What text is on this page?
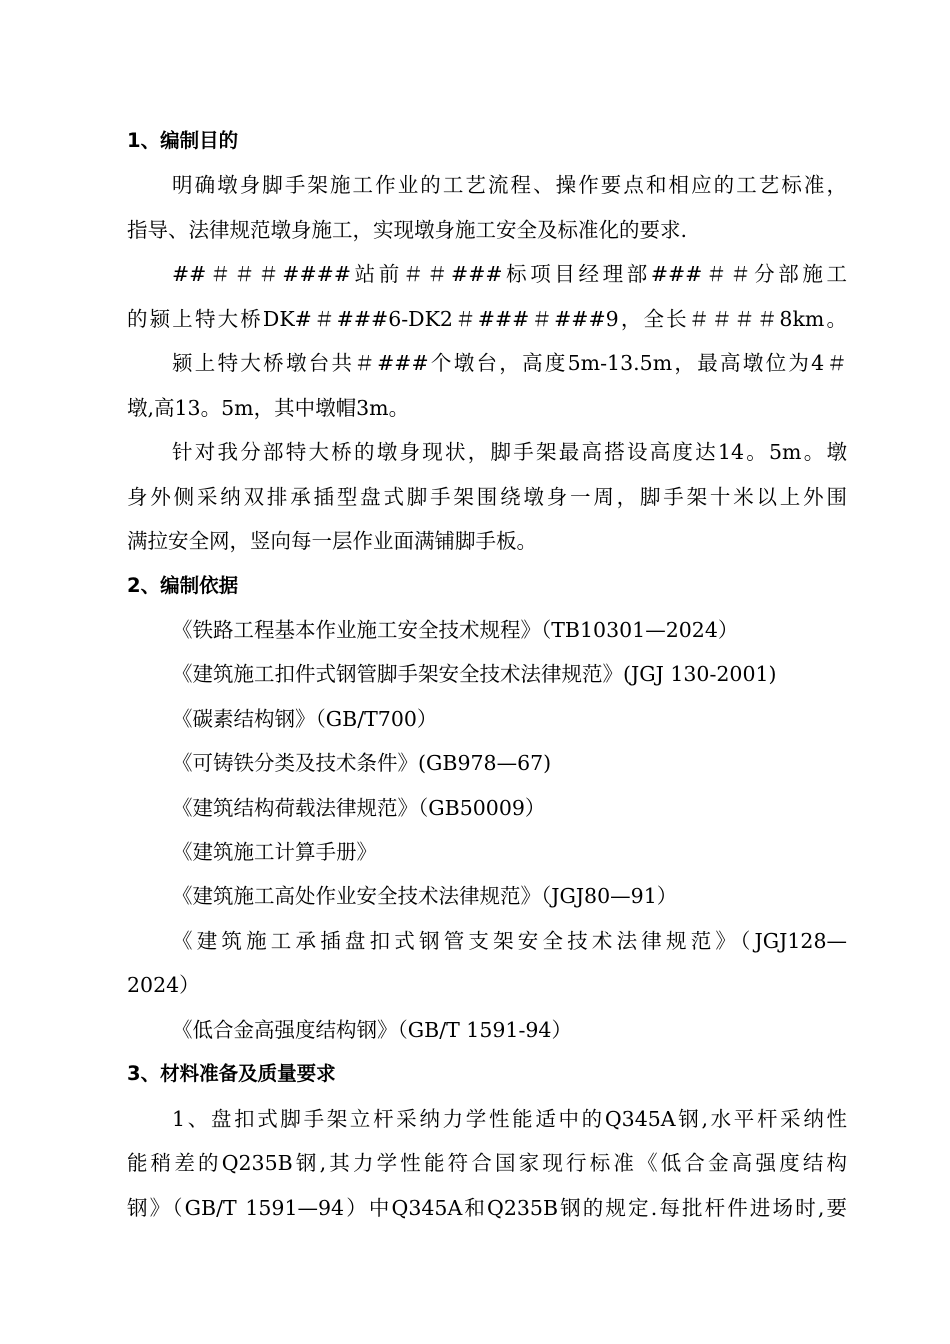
1、编制目的
明确墩身脚手架施工作业的工艺流程、操作要点和相应的工艺标准，
指导、法律规范墩身施工，实现墩身施工安全及标准化的要求.
##＃＃＃####站前＃＃###标项目经理部###＃＃分部施工
的颍上特大桥DK#＃###6-DK2＃###＃###9，全长＃＃＃＃8km。
颍上特大桥墩台共＃###个墩台，高度5m-13.5m，最高墩位为4＃
墩,高13。5m，其中墩帽3m。
针对我分部特大桥的墩身现状，脚手架最高搭设高度达14。5m。墩
身外侧采纳双排承插型盘式脚手架围绕墩身一周，脚手架十米以上外围
满拉安全网，竖向每一层作业面满铺脚手板。
2、编制依据
《铁路工程基本作业施工安全技术规程》（TB10301—2024）
《建筑施工扣件式钢管脚手架安全技术法律规范》(JGJ 130-2001)
《碳素结构钢》（GB/T700）
《可铸铁分类及技术条件》(GB978—67)
《建筑结构荷载法律规范》（GB50009）
《建筑施工计算手册》
《建筑施工高处作业安全技术法律规范》（JGJ80—91）
《建筑施工承插盘扣式钢管支架安全技术法律规范》（JGJ128—
2024）
《低合金高强度结构钢》（GB/T 1591-94）
3、材料准备及质量要求
1、盘扣式脚手架立杆采纳力学性能适中的Q345A钢,水平杆采纳性
能稍差的Q235B钢,其力学性能符合国家现行标准《低合金高强度结构
钢》（GB/T 1591—94）中Q345A和Q235B钢的规定.每批杆件进场时,要
